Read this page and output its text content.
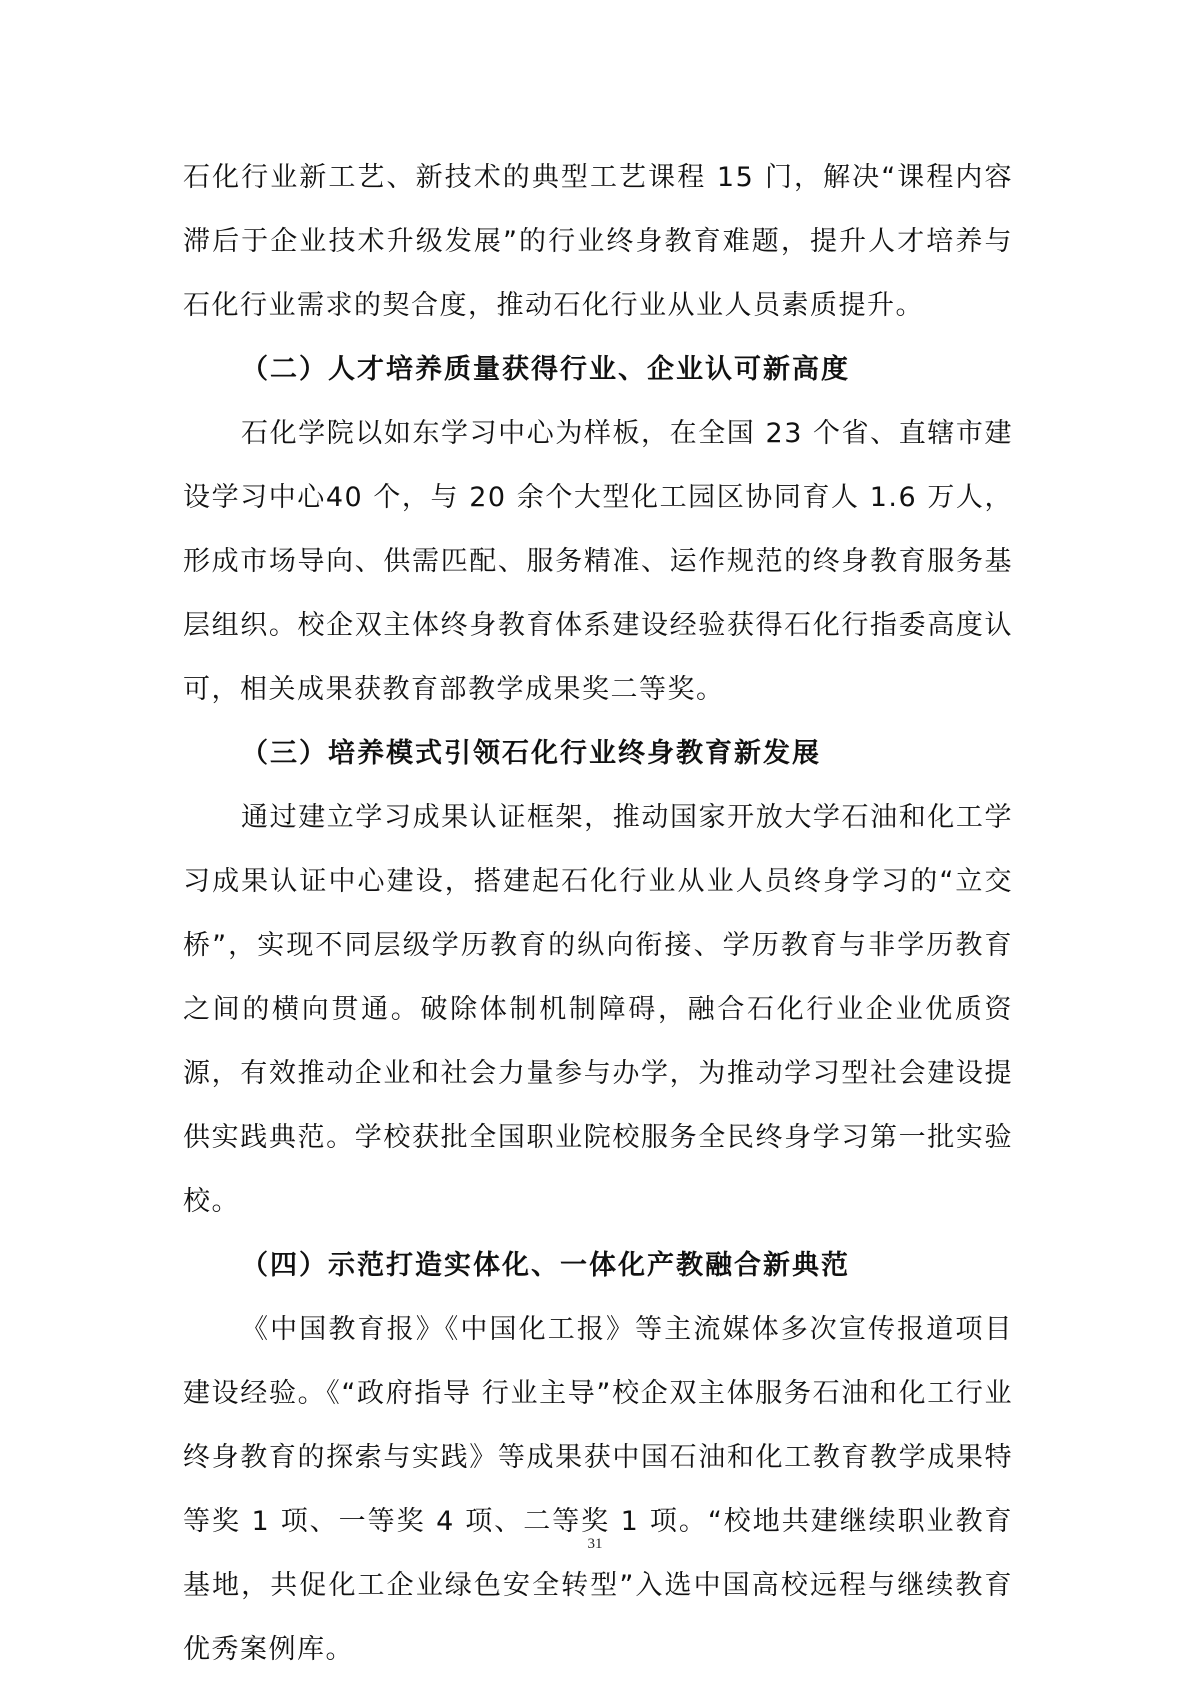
石化行业新工艺、新技术的典型工艺课程 15 门，解决“课程内容滞后于企业技术升级发展”的行业终身教育难题，提升人才培养与石化行业需求的契合度，推动石化行业从业人员素质提升。

（二）人才培养质量获得行业、企业认可新高度

石化学院以如东学习中心为样板，在全国 23 个省、直辖市建设学习中心40 个，与 20 余个大型化工园区协同育人 1.6 万人，形成市场导向、供需匹配、服务精准、运作规范的终身教育服务基层组织。校企双主体终身教育体系建设经验获得石化行指委高度认可，相关成果获教育部教学成果奖二等奖。

（三）培养模式引领石化行业终身教育新发展

通过建立学习成果认证框架，推动国家开放大学石油和化工学习成果认证中心建设，搭建起石化行业从业人员终身学习的“立交桥”，实现不同层级学历教育的纵向衔接、学历教育与非学历教育之间的横向贯通。破除体制机制障碍，融合石化行业企业优质资源，有效推动企业和社会力量参与办学，为推动学习型社会建设提供实践典范。学校获批全国职业院校服务全民终身学习第一批实验校。

（四）示范打造实体化、一体化产教融合新典范

《中国教育报》《中国化工报》等主流媒体多次宣传报道项目建设经验。《“政府指导 行业主导”校企双主体服务石油和化工行业终身教育的探索与实践》等成果获中国石油和化工教育教学成果特等奖 1 项、一等奖 4 项、二等奖 1 项。“校地共建继续职业教育基地，共促化工企业绿色安全转型”入选中国高校远程与继续教育优秀案例库。

31
